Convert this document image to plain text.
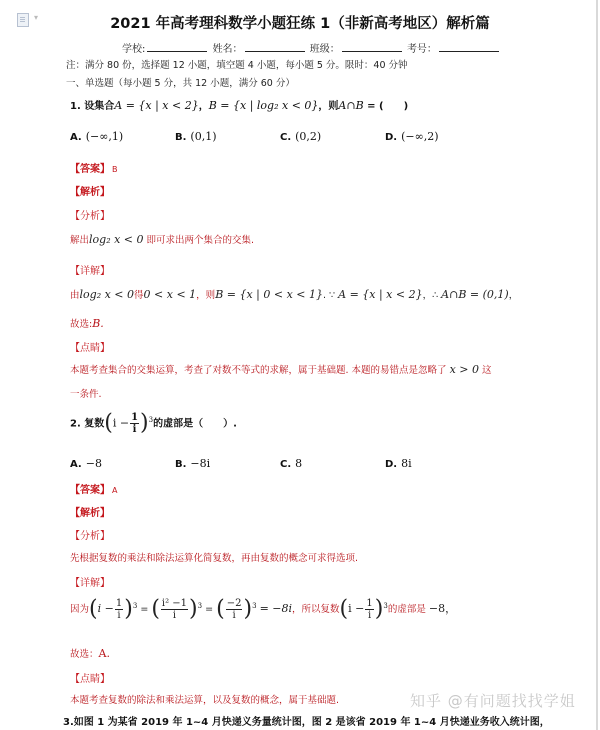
▾	2021 年高考理科数学小题狂练 1（非新高考地区）解析篇
学校:	姓名：	班级：	考号：
注：满分 80 份，选择题 12 小题，填空题 4 小题，每小题 5 分。限时：40 分钟
一、单选题（每小题 5 分，共 12 小题，满分 60 分）
1. 设集合A = {x | x < 2}，B = {x | log₂ x < 0}，则A∩B = (　　)
A. (−∞,1)	B. (0,1)	C. (0,2)	D. (−∞,2)
【答案】 B
【解析】
【分析】
解出log₂ x < 0 即可求出两个集合的交集.
【详解】
由log₂ x < 0得0 < x < 1，则B = {x | 0 < x < 1}. ∵ A = {x | x < 2}，∴ A∩B = (0,1)，
故选:B.
【点睛】
本题考查集合的交集运算，考查了对数不等式的求解，属于基础题. 本题的易错点是忽略了 x > 0 这
一条件.
2. 复数$(i - \frac{1}{i} )^3$的虚部是（　　）.
A. −8	B. −8i	C. 8	D. 8i
【答案】 A
【解析】
【分析】
先根据复数的乘法和除法运算化简复数，再由复数的概念可求得选项.
【详解】
因为$(i - \frac{1}{i} )^3$ = ( $\frac{\text{i² −1}}{i} )^3$ = ( $\frac{-2}{i} )^3 = -8i$，所以复数$(i - \frac{1}{i} )^3$的虚部是 −8，
故选：A.
【点睛】
本题考查复数的除法和乘法运算，以及复数的概念，属于基础题.	知乎 @有问题找找学姐
3.如图 1 为某省 2019 年 1~4 月快递义务量统计图，图 2 是该省 2019 年 1~4 月快递业务收入统计图，
